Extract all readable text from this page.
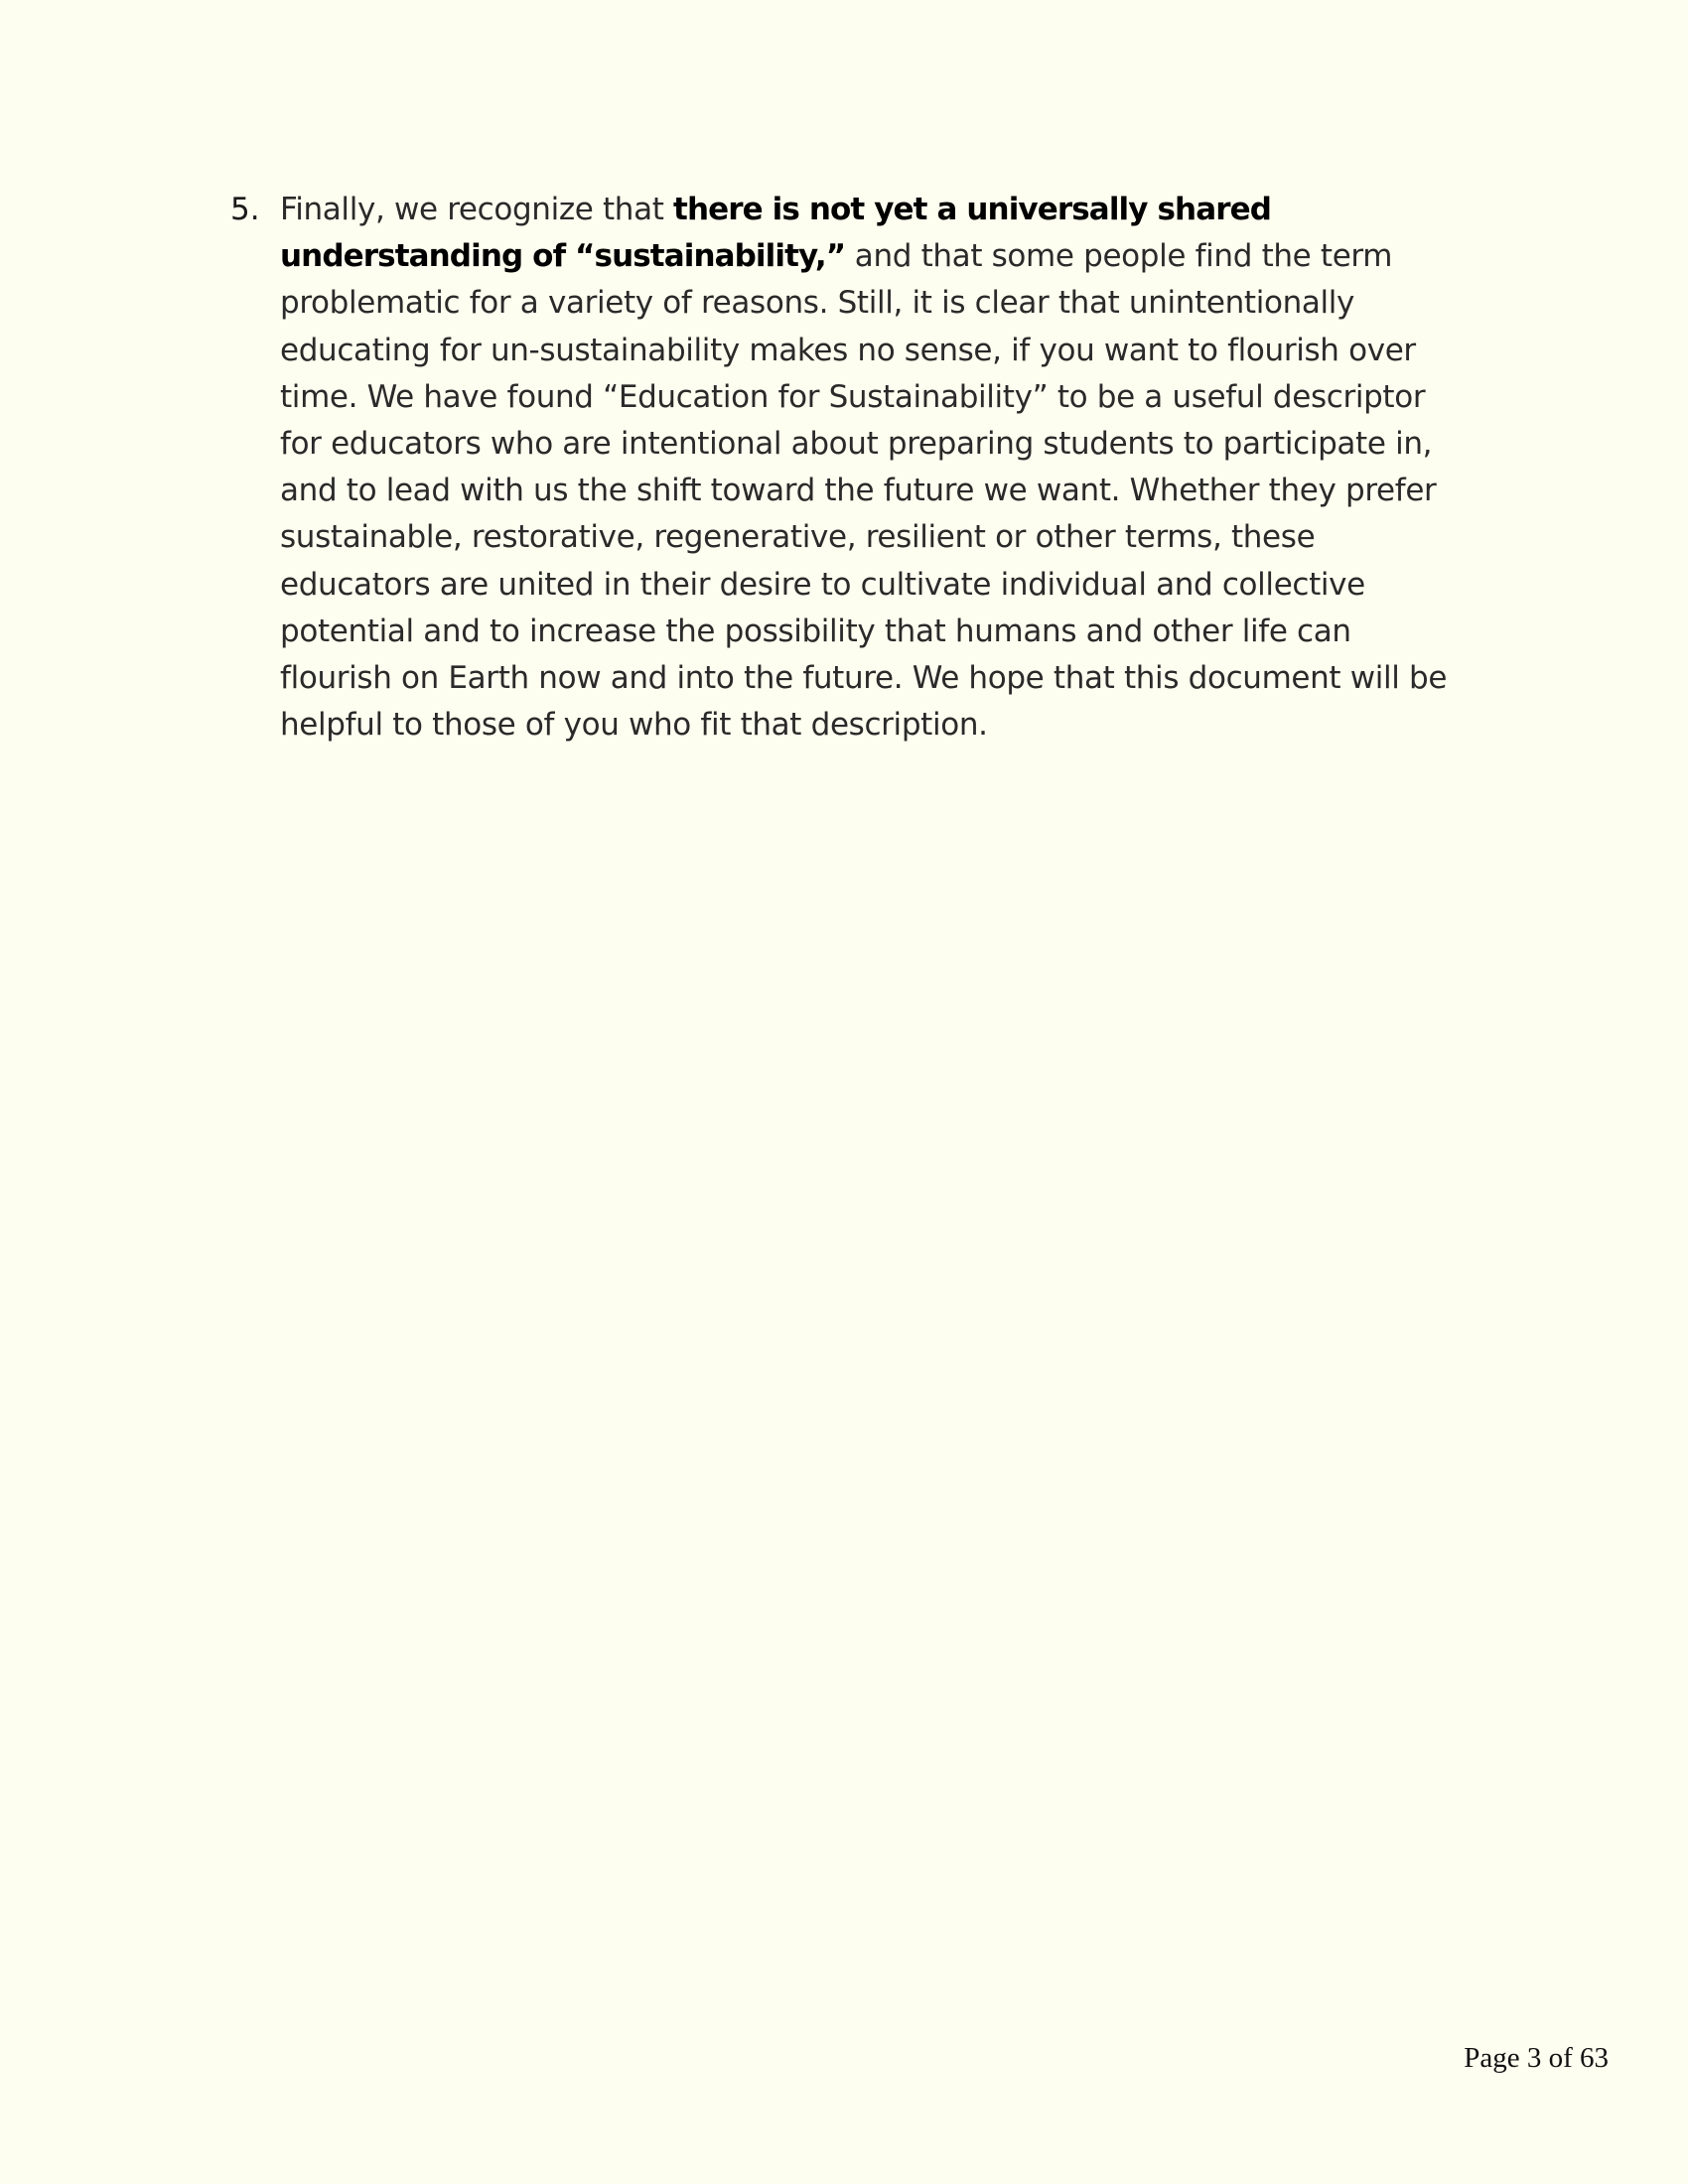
5. Finally, we recognize that there is not yet a universally shared understanding of “sustainability,” and that some people find the term problematic for a variety of reasons. Still, it is clear that unintentionally educating for un-sustainability makes no sense, if you want to flourish over time. We have found “Education for Sustainability” to be a useful descriptor for educators who are intentional about preparing students to participate in, and to lead with us the shift toward the future we want. Whether they prefer sustainable, restorative, regenerative, resilient or other terms, these educators are united in their desire to cultivate individual and collective potential and to increase the possibility that humans and other life can flourish on Earth now and into the future. We hope that this document will be helpful to those of you who fit that description.
Page 3 of 63
